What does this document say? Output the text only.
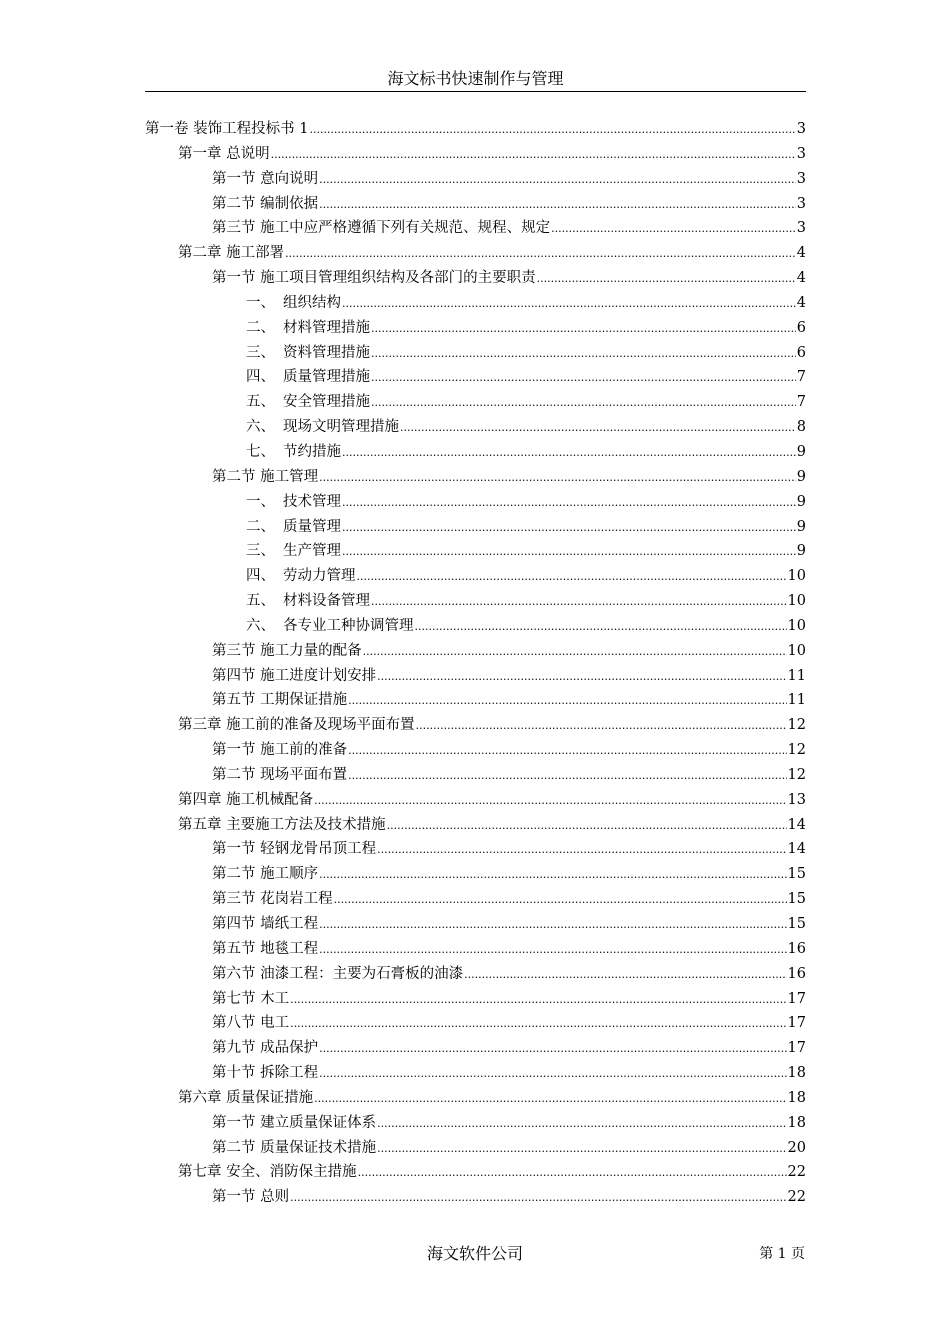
海文标书快速制作与管理
第一卷 装饰工程投标书 1 .....	3
第一章 总说明 .....	3
第一节 意向说明 .....	3
第二节 编制依据 .....	3
第三节 施工中应严格遵循下列有关规范、规程、规定 .....	3
第二章 施工部署 .....	4
第一节 施工项目管理组织结构及各部门的主要职责 .....	4
一、 组织结构 .....	4
二、 材料管理措施 .....	6
三、 资料管理措施 .....	6
四、 质量管理措施 .....	7
五、 安全管理措施 .....	7
六、 现场文明管理措施 .....	8
七、 节约措施 .....	9
第二节 施工管理 .....	9
一、 技术管理 .....	9
二、 质量管理 .....	9
三、 生产管理 .....	9
四、 劳动力管理 .....	10
五、 材料设备管理 .....	10
六、 各专业工种协调管理 .....	10
第三节 施工力量的配备 .....	10
第四节 施工进度计划安排 .....	11
第五节 工期保证措施 .....	11
第三章 施工前的准备及现场平面布置 .....	12
第一节 施工前的准备 .....	12
第二节 现场平面布置 .....	12
第四章 施工机械配备 .....	13
第五章 主要施工方法及技术措施 .....	14
第一节 轻钢龙骨吊顶工程 .....	14
第二节 施工顺序 .....	15
第三节 花岗岩工程 .....	15
第四节 墙纸工程 .....	15
第五节 地毯工程 .....	16
第六节 油漆工程：主要为石膏板的油漆 .....	16
第七节 木工 .....	17
第八节 电工 .....	17
第九节 成品保护 .....	17
第十节 拆除工程 .....	18
第六章 质量保证措施 .....	18
第一节 建立质量保证体系 .....	18
第二节 质量保证技术措施 .....	20
第七章 安全、消防保主措施 .....	22
第一节 总则 .....	22
海文软件公司	第 1 页
